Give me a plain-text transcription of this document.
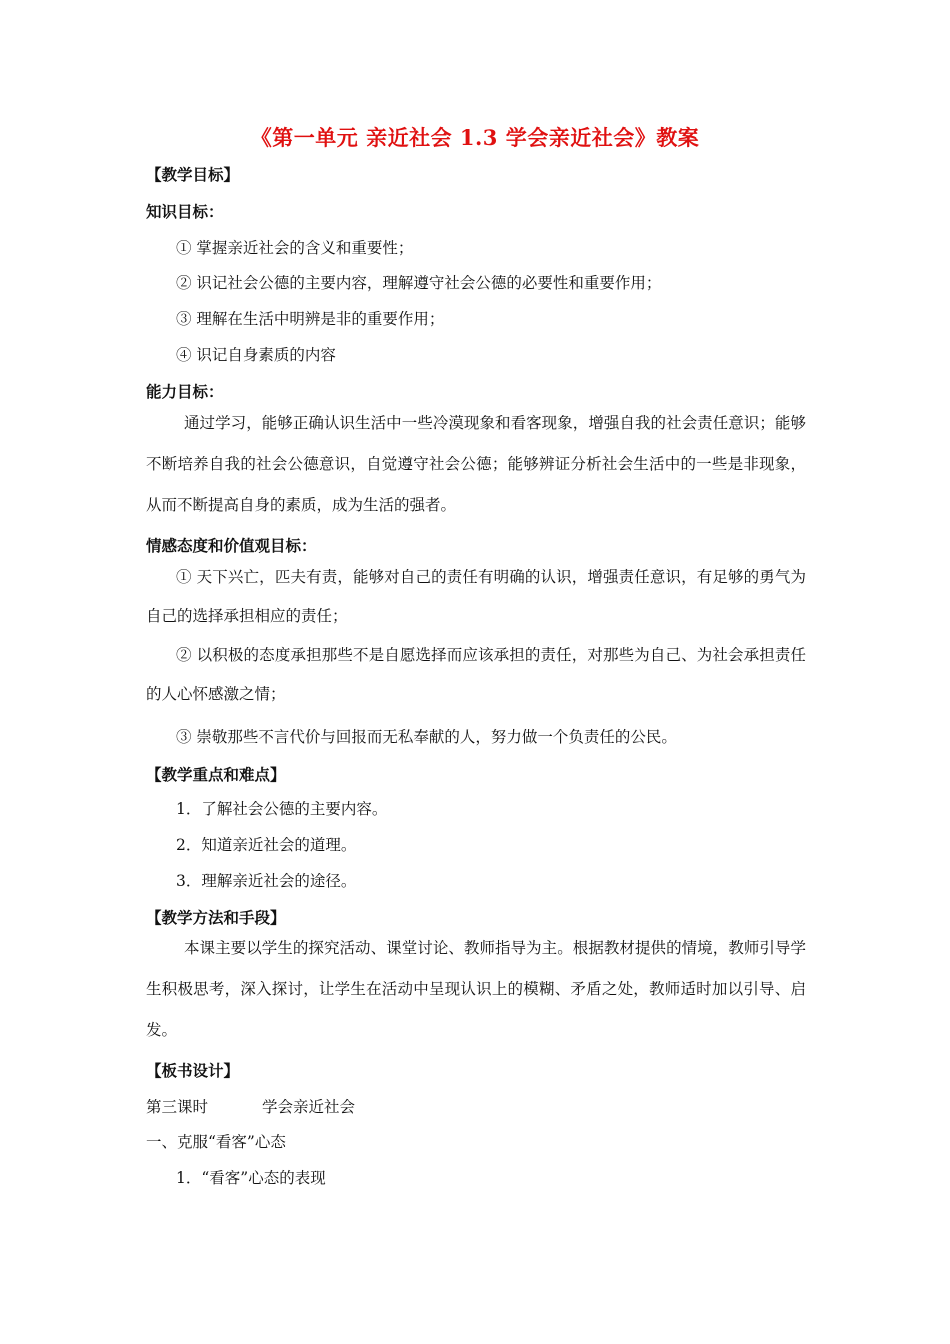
《第一单元 亲近社会 1.3 学会亲近社会》教案
【教学目标】
知识目标：
① 掌握亲近社会的含义和重要性；
② 识记社会公德的主要内容，理解遵守社会公德的必要性和重要作用；
③ 理解在生活中明辨是非的重要作用；
④ 识记自身素质的内容
能力目标：
通过学习，能够正确认识生活中一些冷漠现象和看客现象，增强自我的社会责任意识；能够不断培养自我的社会公德意识，自觉遵守社会公德；能够辨证分析社会生活中的一些是非现象，从而不断提高自身的素质，成为生活的强者。
情感态度和价值观目标：
① 天下兴亡，匹夫有责，能够对自己的责任有明确的认识，增强责任意识，有足够的勇气为自己的选择承担相应的责任；
② 以积极的态度承担那些不是自愿选择而应该承担的责任，对那些为自己、为社会承担责任的人心怀感激之情；
③ 崇敬那些不言代价与回报而无私奉献的人，努力做一个负责任的公民。
【教学重点和难点】
1．了解社会公德的主要内容。
2．知道亲近社会的道理。
3．理解亲近社会的途径。
【教学方法和手段】
本课主要以学生的探究活动、课堂讨论、教师指导为主。根据教材提供的情境，教师引导学生积极思考，深入探讨，让学生在活动中呈现认识上的模糊、矛盾之处，教师适时加以引导、启发。
【板书设计】
第三课时	学会亲近社会
一、克服“看客”心态
1．“看客”心态的表现
